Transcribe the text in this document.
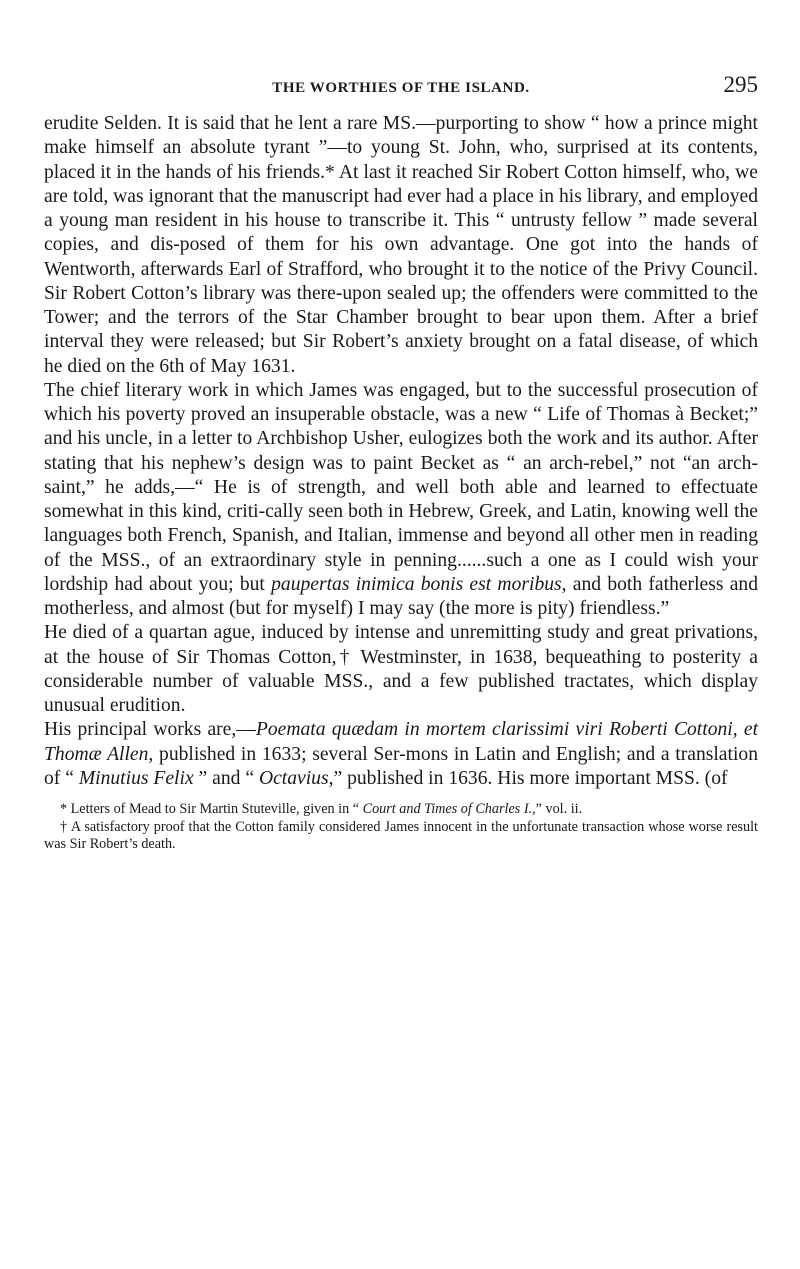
THE WORTHIES OF THE ISLAND.	295

erudite Selden. It is said that he lent a rare MS.—purporting to show “ how a prince might make himself an absolute tyrant ”—to young St. John, who, surprised at its contents, placed it in the hands of his friends.* At last it reached Sir Robert Cotton himself, who, we are told, was ignorant that the manuscript had ever had a place in his library, and employed a young man resident in his house to transcribe it. This “ untrusty fellow ” made several copies, and dis-posed of them for his own advantage. One got into the hands of Wentworth, afterwards Earl of Strafford, who brought it to the notice of the Privy Council. Sir Robert Cotton’s library was there-upon sealed up; the offenders were committed to the Tower; and the terrors of the Star Chamber brought to bear upon them. After a brief interval they were released; but Sir Robert’s anxiety brought on a fatal disease, of which he died on the 6th of May 1631.

The chief literary work in which James was engaged, but to the successful prosecution of which his poverty proved an insuperable obstacle, was a new “ Life of Thomas à Becket;” and his uncle, in a letter to Archbishop Usher, eulogizes both the work and its author. After stating that his nephew’s design was to paint Becket as “ an arch-rebel,” not “an arch-saint,” he adds,—“ He is of strength, and well both able and learned to effectuate somewhat in this kind, criti-cally seen both in Hebrew, Greek, and Latin, knowing well the languages both French, Spanish, and Italian, immense and beyond all other men in reading of the MSS., of an extraordinary style in penning......such a one as I could wish your lordship had about you; but paupertas inimica bonis est moribus, and both fatherless and motherless, and almost (but for myself) I may say (the more is pity) friendless.”

He died of a quartan ague, induced by intense and unremitting study and great privations, at the house of Sir Thomas Cotton,† Westminster, in 1638, bequeathing to posterity a considerable number of valuable MSS., and a few published tractates, which display unusual erudition.

His principal works are,—Poemata quædam in mortem clarissimi viri Roberti Cottoni, et Thomæ Allen, published in 1633; several Ser-mons in Latin and English; and a translation of “ Minutius Felix ” and “ Octavius,” published in 1636. His more important MSS. (of

* Letters of Mead to Sir Martin Stuteville, given in “ Court and Times of Charles I.,” vol. ii.

† A satisfactory proof that the Cotton family considered James innocent in the unfortunate transaction whose worse result was Sir Robert’s death.
